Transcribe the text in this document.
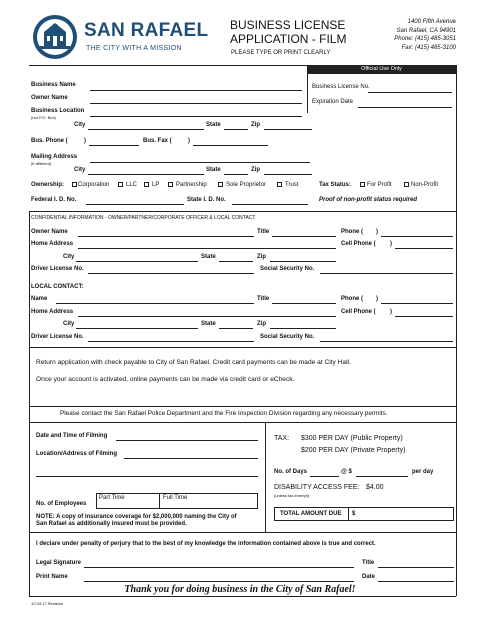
SAN RAFAEL
THE CITY WITH A MISSION
BUSINESS LICENSE
APPLICATION - FILM
PLEASE TYPE OR PRINT CLEARLY
1400 Fifth Avenue
San Rafael, CA 94901
Phone: (415) 485-3051
Fax: (415) 485-3100
Official Use Only
Business License No.
Expiration Date
Business Name
Owner Name
Business Location
(not P.O. Box)
City	State	Zip
Bus. Phone (	)	Bus. Fax (	)
Mailing Address
(if different)
City	State	Zip
Ownership: Corporation	LLC LP	Partnership	Sole Proprietor	Trust	Tax Status:	For Profit	Non-Profit
Federal I. D. No.	State I. D. No.	Proof of non-profit status required
CONFIDENTIAL INFORMATION - OWNER/PARTNER/CORPORATE OFFICER & LOCAL CONTACT
Owner Name	Title	Phone ( )
Home Address	Cell Phone ( )
City	State	Zip
Driver License No.	Social Security No.
LOCAL CONTACT:
Name	Title	Phone ( )
Home Address	Cell Phone ( )
City	State	Zip
Driver License No.	Social Security No.
Return application with check payable to City of San Rafael. Credit card payments can be made at City Hall.
Once your account is activated, online payments can be made via credit card or eCheck.
Please contact the San Rafael Police Department and the Fire Inspection Division regarding any necessary permits.
Date and Time of Filming
Location/Address of Filming
No. of Employees
Part Time	Full Time
NOTE: A copy of insurance coverage for $2,000,000 naming the City of
San Rafael as additionally insured must be provided.
TAX: $300 PER DAY (Public Property)
$200 PER DAY (Private Property)
No. of Days	@ $	per day
DISABILITY ACCESS FEE: $4.00
(unless tax-exempt)
TOTAL AMOUNT DUE $
I declare under penalty of perjury that to the best of my knowledge the information contained above is true and correct.
Legal Signature	Title
Print Name	Date
Thank you for doing business in the City of San Rafael!
12.04.17 Revision
